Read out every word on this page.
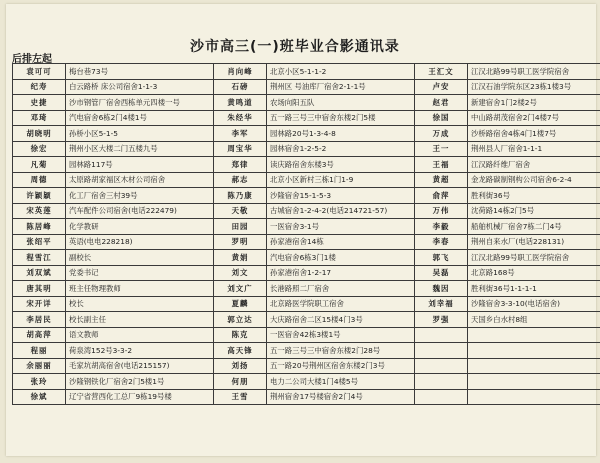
沙市高三(一)班毕业合影通讯录
后排左起
袁可可	梅台巷73号	肖向峰	北京小区5-1-1-2	王汇文	江汉北路99号职工医学院宿舍
纪寿	白云路桥 床公司宿舍1-1-3	石磅	荆州区 号油库厂宿舍2-1-1号	卢安	江汉石油学院东区23栋1楼3号
史捷	沙市钢管厂宿舍西栋单元四楼一号	黄鸣道	农场向阳五队	赵君	新建宿舍1门2楼2号
邓琦	汽电宿舍6栋2门4楼1号	朱经华	五一路三号三中宿舍东楼2门5楼	徐国	中山路胡茂宿舍2门4楼7号
胡晓明	孙桥小区5-1-5	李军	园林路20号1-3-4-8	万成	沙桥路宿舍4栋4门1楼7号
徐宏	荆州小区大楼二门五楼九号	周宝华	园林宿舍1-2-5-2	王一	荆州县人厂宿舍1-1-1
凡菊	园林路117号	郑律	读庆路宿舍东楼3号	王福	江汉路纤维厂宿舍
周德	太原路胡家福区木材公司宿舍	郝志	北京小区新村三栋1门1-9	黄超	金龙路碳制钢构公司宿舍6-2-4
许颖颖	化工厂宿舍三村39号	陈乃康	沙隆宿舍15-1-5-3	俞萍	胜利街36号
宋英莲	汽车配件公司宿舍(电话222479)	天敬	古城宿舍1-2-4-2(电话214721-57)	万伟	沈荷路14栋2门5号
陈居峰	化学教研	田园	一医宿舍3-1号	李毅	船舶机械厂宿舍7栋二门4号
张绍平	英语(电电228218)	罗明	孙家港宿舍14栋	李春	荆州自来水厂(电话228131)
程雪江	副校长	黄娟	汽电宿舍6栋3门1楼	郭飞	江汉北路99号职工医学院宿舍
刘双斌	党委书记	刘文	孙家港宿舍1-2-17	吴磊	北京路168号
唐其明	班主任物理教师	刘文广	长港路照二厂宿舍	魏因	胜利街36号1-1-1-1
宋开详	校长	夏麟	北京路医学院职工宿舍	刘幸福	沙隆宿舍3-3-10(电话宿舍)
李居民	校长副主任	郭立达	大庆路宿舍二区15楼4门3号	罗强	天国乡白水村8组
胡高萍	语文教师	陈克	一医宿舍42栋3楼1号		
程丽	荷泉湾152号3-3-2	高天锋	五一路三号三中宿舍东楼2门28号		
余丽丽	毛家坑胡高宿舍(电话215157)	刘扬	五一路20号荆州区宿舍东楼2门3号		
张玲	沙隆钢铁化厂宿舍2门5楼1号	何朋	电力二公司大楼1门4楼5号		
徐斌	辽宁省营西化工总厂9栋19号楼	王雪	荆州宿舍17号楼宿舍2门4号		
